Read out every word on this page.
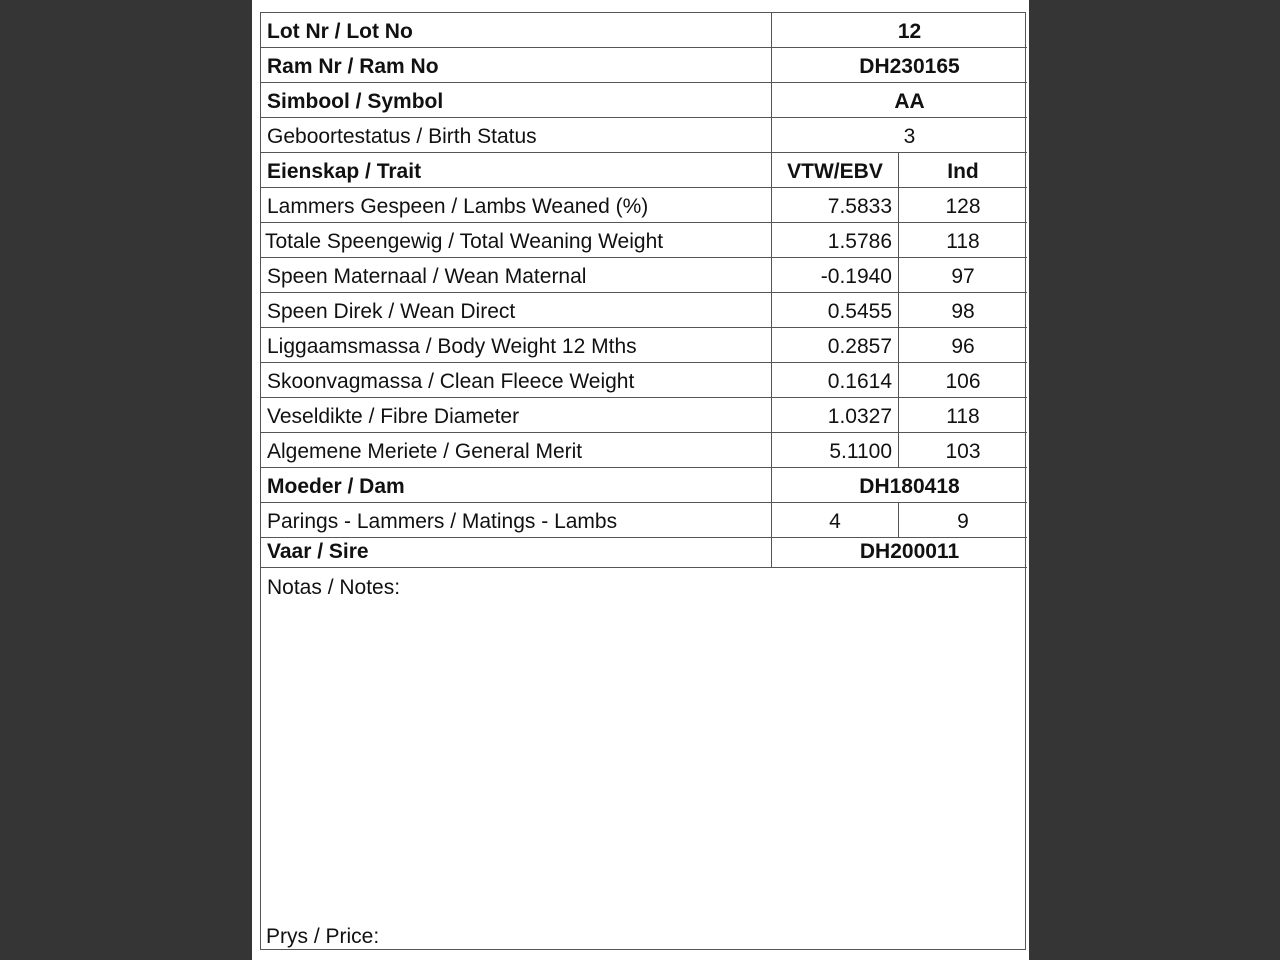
Lot Nr / Lot No	12
Ram Nr / Ram No	DH230165
Simbool / Symbol	AA
Geboortestatus / Birth Status	3
Eienskap / Trait	VTW/EBV	Ind
Lammers Gespeen / Lambs Weaned (%)	7.5833	128
Totale Speengewig / Total Weaning Weight	1.5786	118
Speen Maternaal / Wean Maternal	-0.1940	97
Speen Direk / Wean Direct	0.5455	98
Liggaamsmassa / Body Weight 12 Mths	0.2857	96
Skoonvagmassa / Clean Fleece Weight	0.1614	106
Veseldikte / Fibre Diameter	1.0327	118
Algemene Meriete / General Merit	5.1100	103
Moeder / Dam	DH180418
Parings - Lammers / Matings - Lambs	4	9
Vaar / Sire	DH200011
Notas / Notes:
Prys / Price:
